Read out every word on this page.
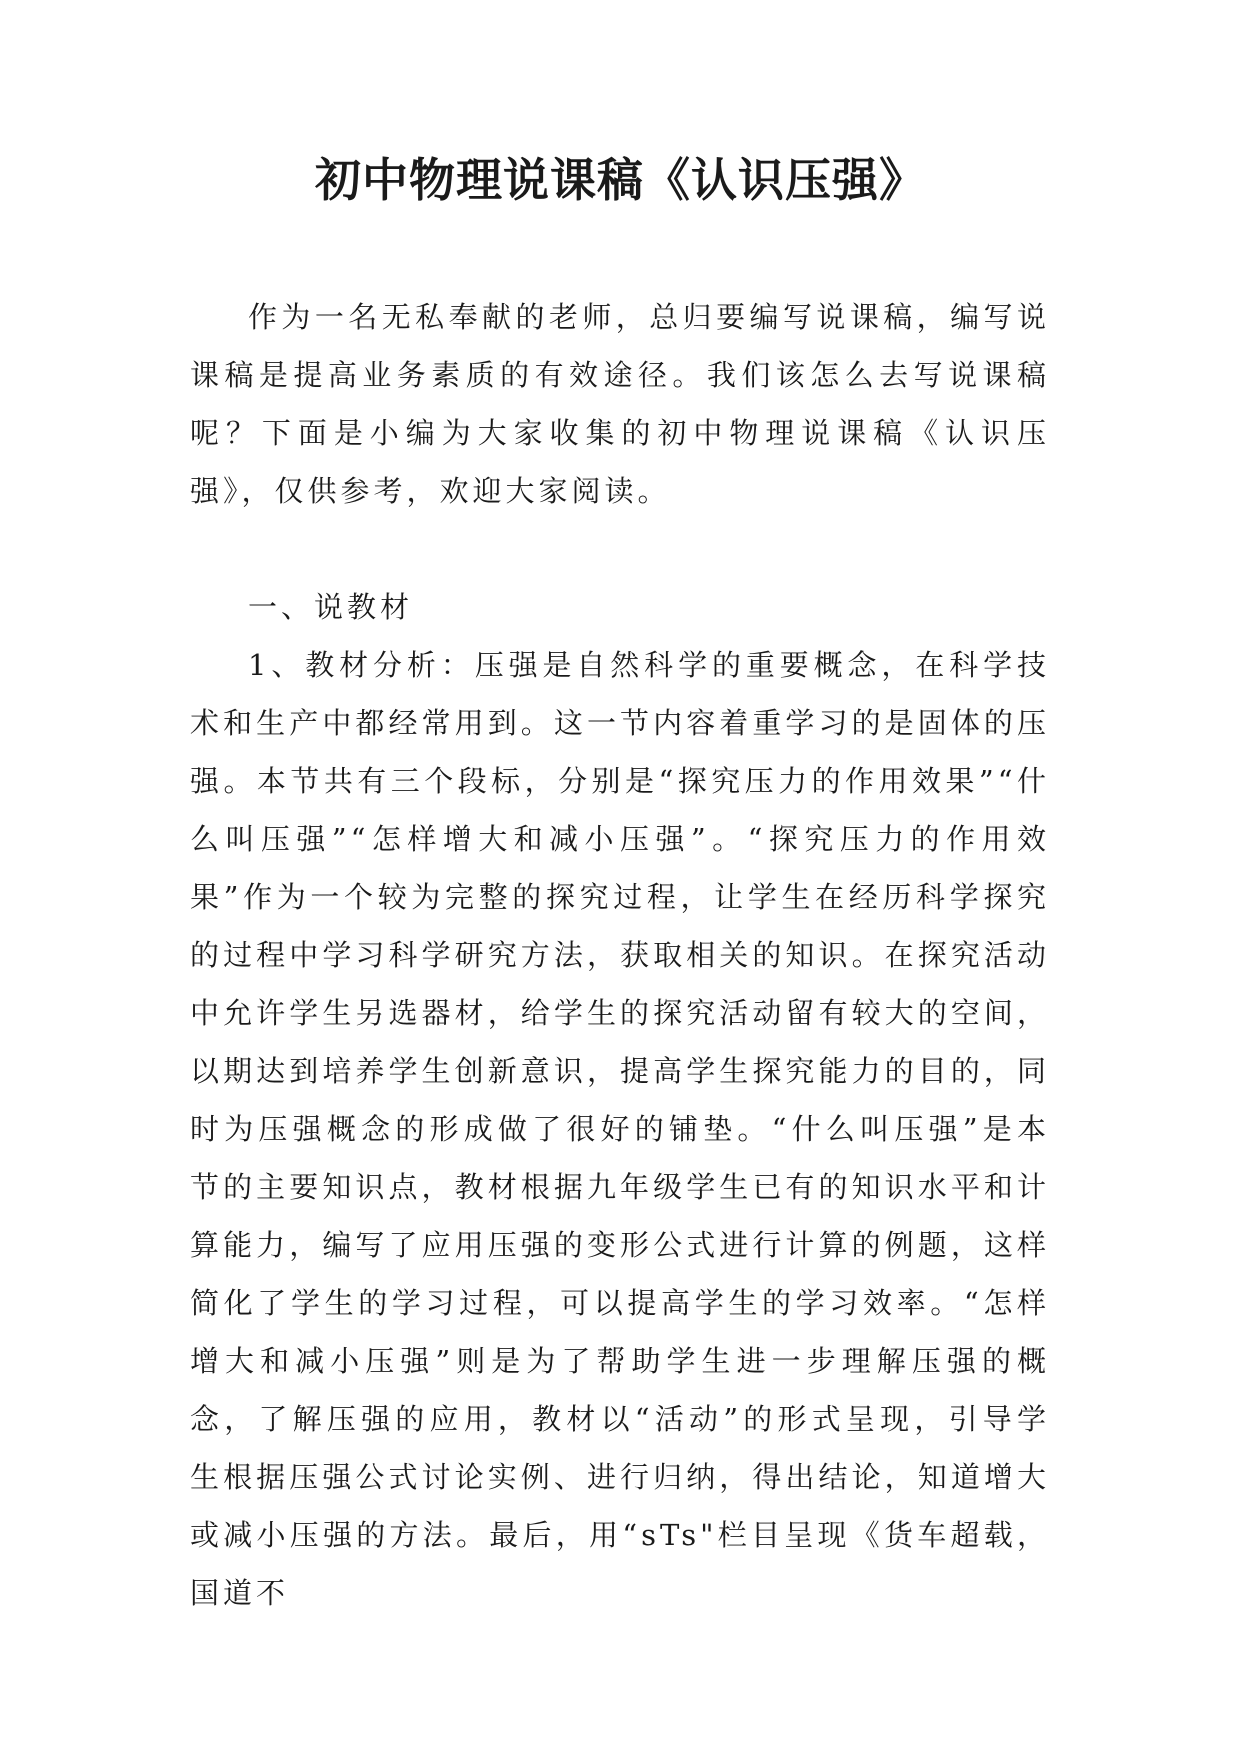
初中物理说课稿《认识压强》

作为一名无私奉献的老师，总归要编写说课稿，编写说课稿是提高业务素质的有效途径。我们该怎么去写说课稿呢？下面是小编为大家收集的初中物理说课稿《认识压强》，仅供参考，欢迎大家阅读。

一、说教材

1、教材分析：压强是自然科学的重要概念，在科学技术和生产中都经常用到。这一节内容着重学习的是固体的压强。本节共有三个段标，分别是“探究压力的作用效果”“什么叫压强”“怎样增大和减小压强”。“探究压力的作用效果”作为一个较为完整的探究过程，让学生在经历科学探究的过程中学习科学研究方法，获取相关的知识。在探究活动中允许学生另选器材，给学生的探究活动留有较大的空间，以期达到培养学生创新意识，提高学生探究能力的目的，同时为压强概念的形成做了很好的铺垫。“什么叫压强”是本节的主要知识点，教材根据九年级学生已有的知识水平和计算能力，编写了应用压强的变形公式进行计算的例题，这样简化了学生的学习过程，可以提高学生的学习效率。“怎样增大和减小压强”则是为了帮助学生进一步理解压强的概念，了解压强的应用，教材以“活动”的形式呈现，引导学生根据压强公式讨论实例、进行归纳，得出结论，知道增大或减小压强的方法。最后，用“sTs"栏目呈现《货车超载，国道不
